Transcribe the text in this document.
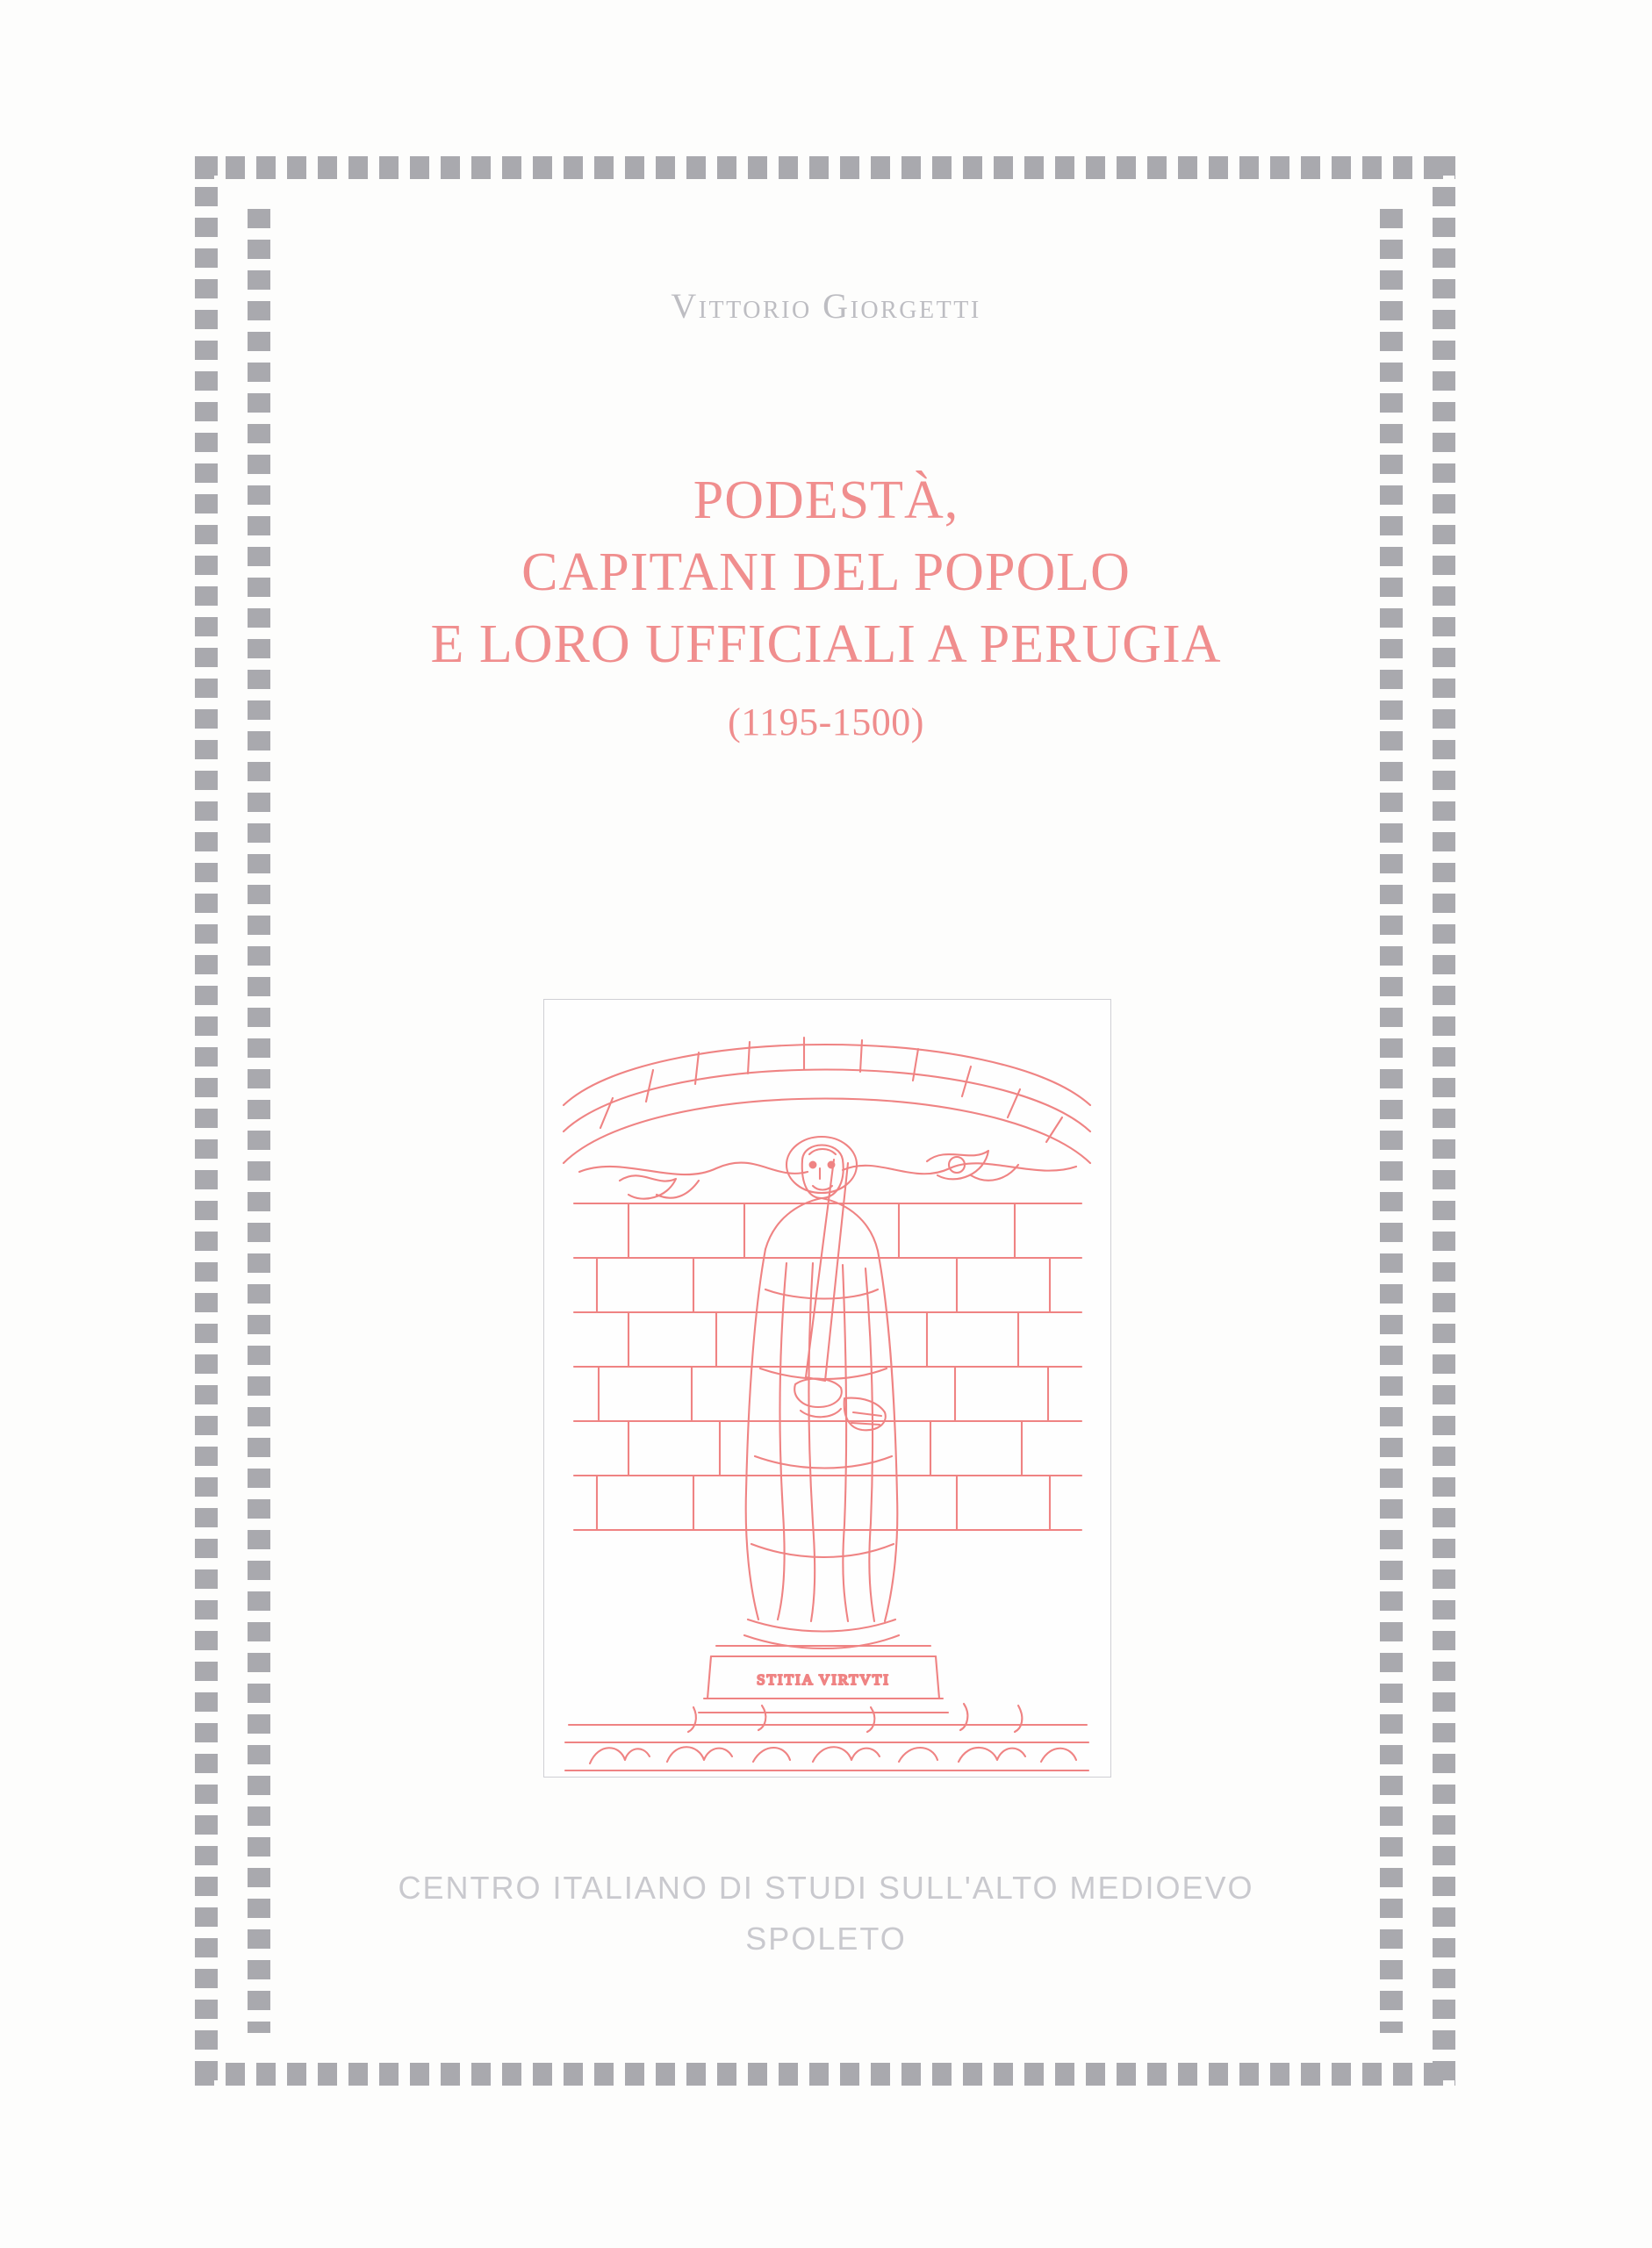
Vittorio Giorgetti
PODESTÀ,
CAPITANI DEL POPOLO
E LORO UFFICIALI A PERUGIA
(1195-1500)
STITIA VIRTVTI
CENTRO ITALIANO DI STUDI SULL'ALTO MEDIOEVO
SPOLETO
